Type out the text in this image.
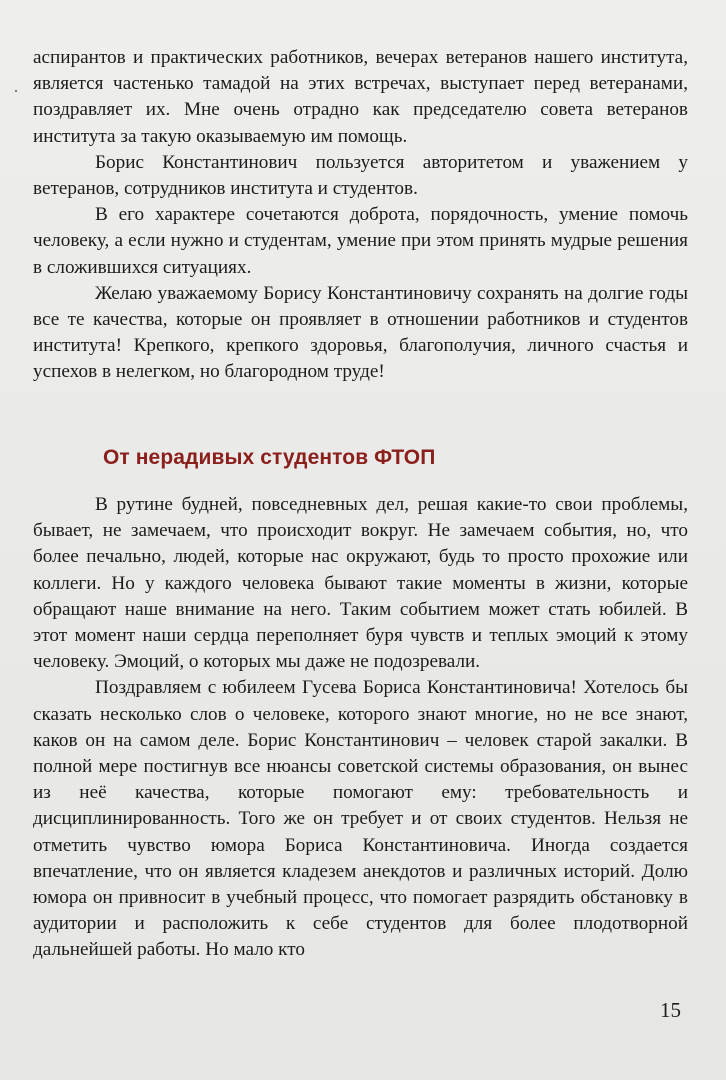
аспирантов и практических работников, вечерах ветеранов нашего института, является частенько тамадой на этих встречах, выступает перед ветеранами, поздравляет их. Мне очень отрадно как председателю совета ветеранов института за такую оказываемую им помощь.

Борис Константинович пользуется авторитетом и уважением у ветеранов, сотрудников института и студентов.

В его характере сочетаются доброта, порядочность, умение помочь человеку, а если нужно и студентам, умение при этом принять мудрые решения в сложившихся ситуациях.

Желаю уважаемому Борису Константиновичу сохранять на долгие годы все те качества, которые он проявляет в отношении работников и студентов института! Крепкого, крепкого здоровья, благополучия, личного счастья и успехов в нелегком, но благородном труде!

От нерадивых студентов ФТОП

В рутине будней, повседневных дел, решая какие-то свои проблемы, бывает, не замечаем, что происходит вокруг. Не замечаем события, но, что более печально, людей, которые нас окружают, будь то просто прохожие или коллеги. Но у каждого человека бывают такие моменты в жизни, которые обращают наше внимание на него. Таким событием может стать юбилей. В этот момент наши сердца переполняет буря чувств и теплых эмоций к этому человеку. Эмоций, о которых мы даже не подозревали.

Поздравляем с юбилеем Гусева Бориса Константиновича! Хотелось бы сказать несколько слов о человеке, которого знают многие, но не все знают, каков он на самом деле. Борис Константинович – человек старой закалки. В полной мере постигнув все нюансы советской системы образования, он вынес из неё качества, которые помогают ему: требовательность и дисциплинированность. Того же он требует и от своих студентов. Нельзя не отметить чувство юмора Бориса Константиновича. Иногда создается впечатление, что он является кладезем анекдотов и различных историй. Долю юмора он привносит в учебный процесс, что помогает разрядить обстановку в аудитории и расположить к себе студентов для более плодотворной дальнейшей работы. Но мало кто

15
